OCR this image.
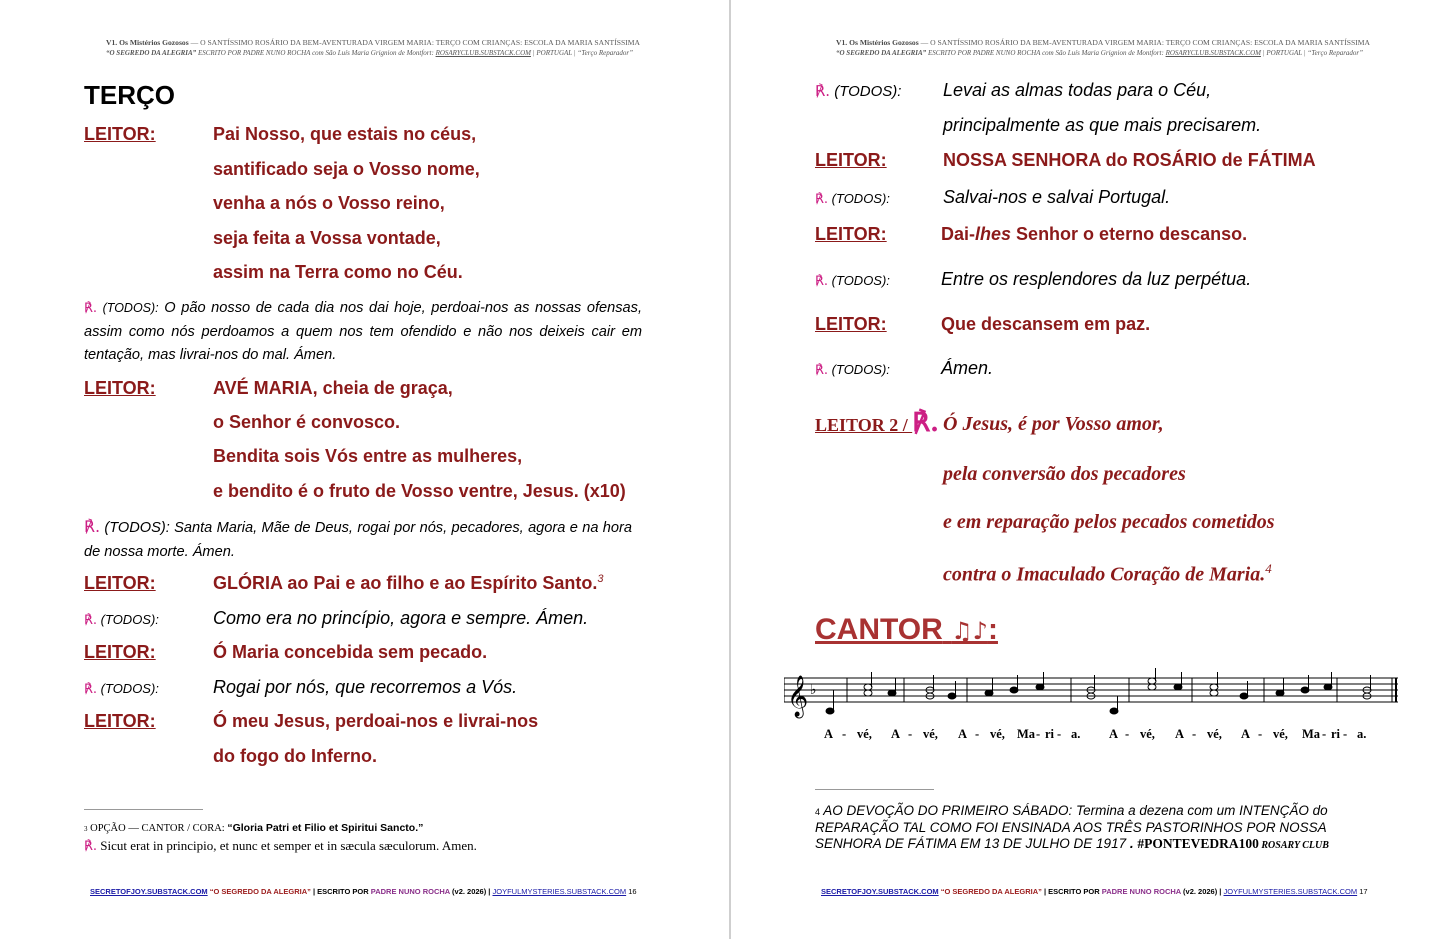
V1. Os Mistérios Gozosos — O SANTÍSSIMO ROSÁRIO DA BEM-AVENTURADA VIRGEM MARIA: TERÇO COM CRIANÇAS: ESCOLA DA MARIA SANTÍSSIMA
“O SEGREDO DA ALEGRIA” ESCRITO POR PADRE NUNO ROCHA com São Luís Maria Grignion de Montfort: ROSARYCLUB.SUBSTACK.COM | PORTUGAL | “Terço Reparador”
TERÇO
LEITOR:	Pai Nosso, que estais no céus,
santificado seja o Vosso nome,
venha a nós o Vosso reino,
seja feita a Vossa vontade,
assim na Terra como no Céu.
℟. (TODOS): O pão nosso de cada dia nos dai hoje, perdoai-nos as nossas ofensas, assim como nós perdoamos a quem nos tem ofendido e não nos deixeis cair em tentação, mas livrai-nos do mal. Ámen.
LEITOR:	AVÉ MARIA, cheia de graça,
o Senhor é convosco.
Bendita sois Vós entre as mulheres,
e bendito é o fruto de Vosso ventre, Jesus. (x10)
℟. (TODOS): Santa Maria, Mãe de Deus, rogai por nós, pecadores, agora e na hora de nossa morte. Ámen.
LEITOR:	GLÓRIA ao Pai e ao filho e ao Espírito Santo.$^3$
℟. (TODOS):	Como era no princípio, agora e sempre. Ámen.
LEITOR:	Ó Maria concebida sem pecado.
℟. (TODOS):	Rogai por nós, que recorremos a Vós.
LEITOR:	Ó meu Jesus, perdoai-nos e livrai-nos
do fogo do Inferno.
3 OPÇÃO — CANTOR / CORA: “Gloria Patri et Filio et Spiritui Sancto.”
℟. Sicut erat in principio, et nunc et semper et in sæcula sæculorum. Amen.
SECRETOFJOY.SUBSTACK.COM “O SEGREDO DA ALEGRIA” | ESCRITO POR PADRE NUNO ROCHA (v2. 2026) | JOYFULMYSTERIES.SUBSTACK.COM 16
V1. Os Mistérios Gozosos — O SANTÍSSIMO ROSÁRIO DA BEM-AVENTURADA VIRGEM MARIA: TERÇO COM CRIANÇAS: ESCOLA DA MARIA SANTÍSSIMA
“O SEGREDO DA ALEGRIA” ESCRITO POR PADRE NUNO ROCHA com São Luís Maria Grignion de Montfort: ROSARYCLUB.SUBSTACK.COM | PORTUGAL | “Terço Reparador”
℟. (TODOS): Levai as almas todas para o Céu,
principalmente as que mais precisarem.
LEITOR:	NOSSA SENHORA do ROSÁRIO de FÁTIMA
℟. (TODOS):	Salvai-nos e salvai Portugal.
LEITOR:	Dai-lhes Senhor o eterno descanso.
℟. (TODOS):	Entre os resplendores da luz perpétua.
LEITOR:	Que descansem em paz.
℟. (TODOS):	Ámen.
LEITOR 2 / ℟. Ó Jesus, é por Vosso amor,
pela conversão dos pecadores
e em reparação pelos pecados cometidos
contra o Imaculado Coração de Maria.$^4$
CANTOR ♫♪:
𝄞 ♭
A - vé, A - vé, A - vé, Ma - ri - a. A - vé, A - vé, A - vé, Ma - ri - a.
4 AO DEVOÇÃO DO PRIMEIRO SÁBADO: Termina a dezena com um INTENÇÃO do REPARAÇÃO TAL COMO FOI ENSINADA AOS TRÊS PASTORINHOS POR NOSSA SENHORA DE FÁTIMA EM 13 DE JULHO DE 1917 . #PONTEVEDRA100 ROSARY CLUB
SECRETOFJOY.SUBSTACK.COM “O SEGREDO DA ALEGRIA” | ESCRITO POR PADRE NUNO ROCHA (v2. 2026) | JOYFULMYSTERIES.SUBSTACK.COM 17
